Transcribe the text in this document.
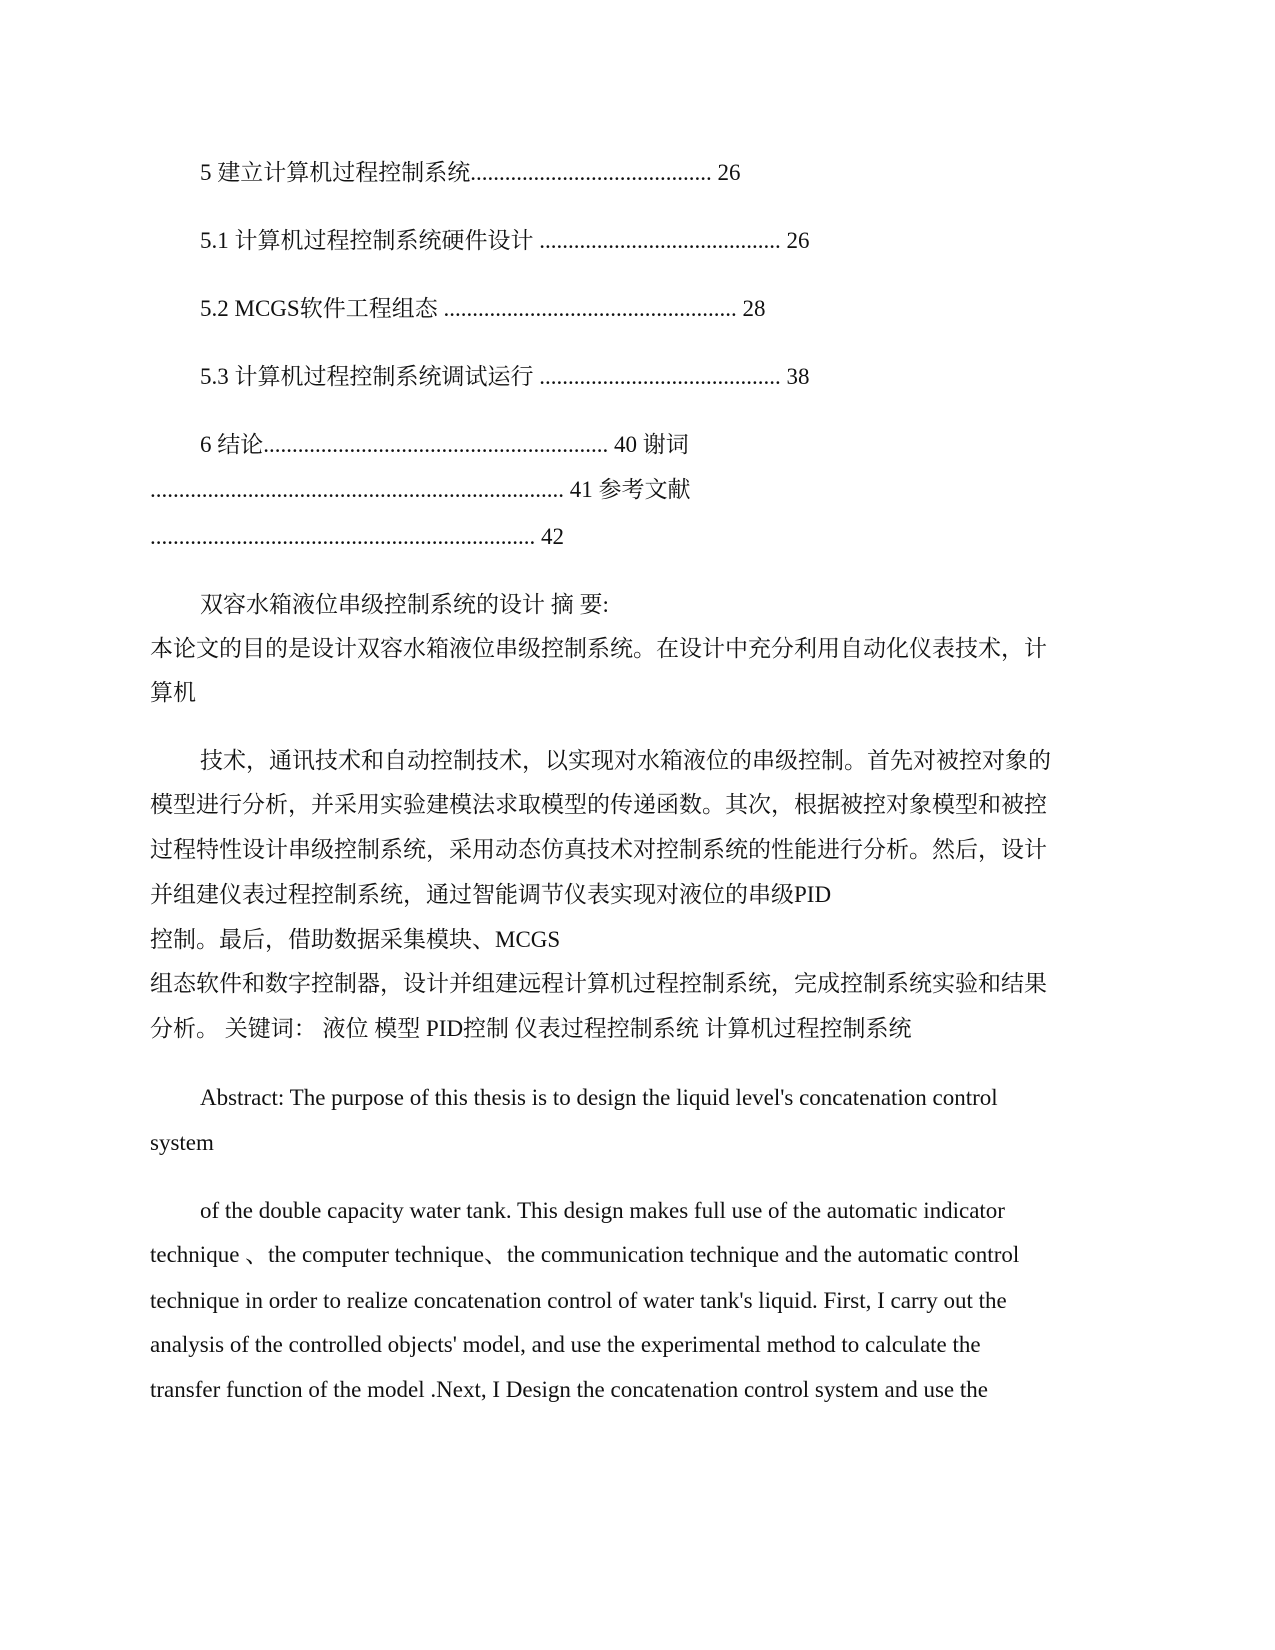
5 建立计算机过程控制系统.......................................... 26
5.1 计算机过程控制系统硬件设计 .......................................... 26
5.2 MCGS软件工程组态 ................................................... 28
5.3 计算机过程控制系统调试运行 .......................................... 38
6 结论............................................................ 40 谢词
........................................................................ 41 参考文献
................................................................... 42
双容水箱液位串级控制系统的设计 摘 要:
本论文的目的是设计双容水箱液位串级控制系统。在设计中充分利用自动化仪表技术，计
算机
技术，通讯技术和自动控制技术，以实现对水箱液位的串级控制。首先对被控对象的
模型进行分析，并采用实验建模法求取模型的传递函数。其次，根据被控对象模型和被控
过程特性设计串级控制系统，采用动态仿真技术对控制系统的性能进行分析。然后，设计
并组建仪表过程控制系统，通过智能调节仪表实现对液位的串级PID
控制。最后，借助数据采集模块、MCGS
组态软件和数字控制器，设计并组建远程计算机过程控制系统，完成控制系统实验和结果
分析。 关键词： 液位 模型 PID控制 仪表过程控制系统 计算机过程控制系统
Abstract: The purpose of this thesis is to design the liquid level's concatenation control
system
of the double capacity water tank. This design makes full use of the automatic indicator
technique 、the computer technique、the communication technique and the automatic control
technique in order to realize concatenation control of water tank's liquid. First, I carry out the
analysis of the controlled objects' model, and use the experimental method to calculate the
transfer function of the model .Next, I Design the concatenation control system and use the
